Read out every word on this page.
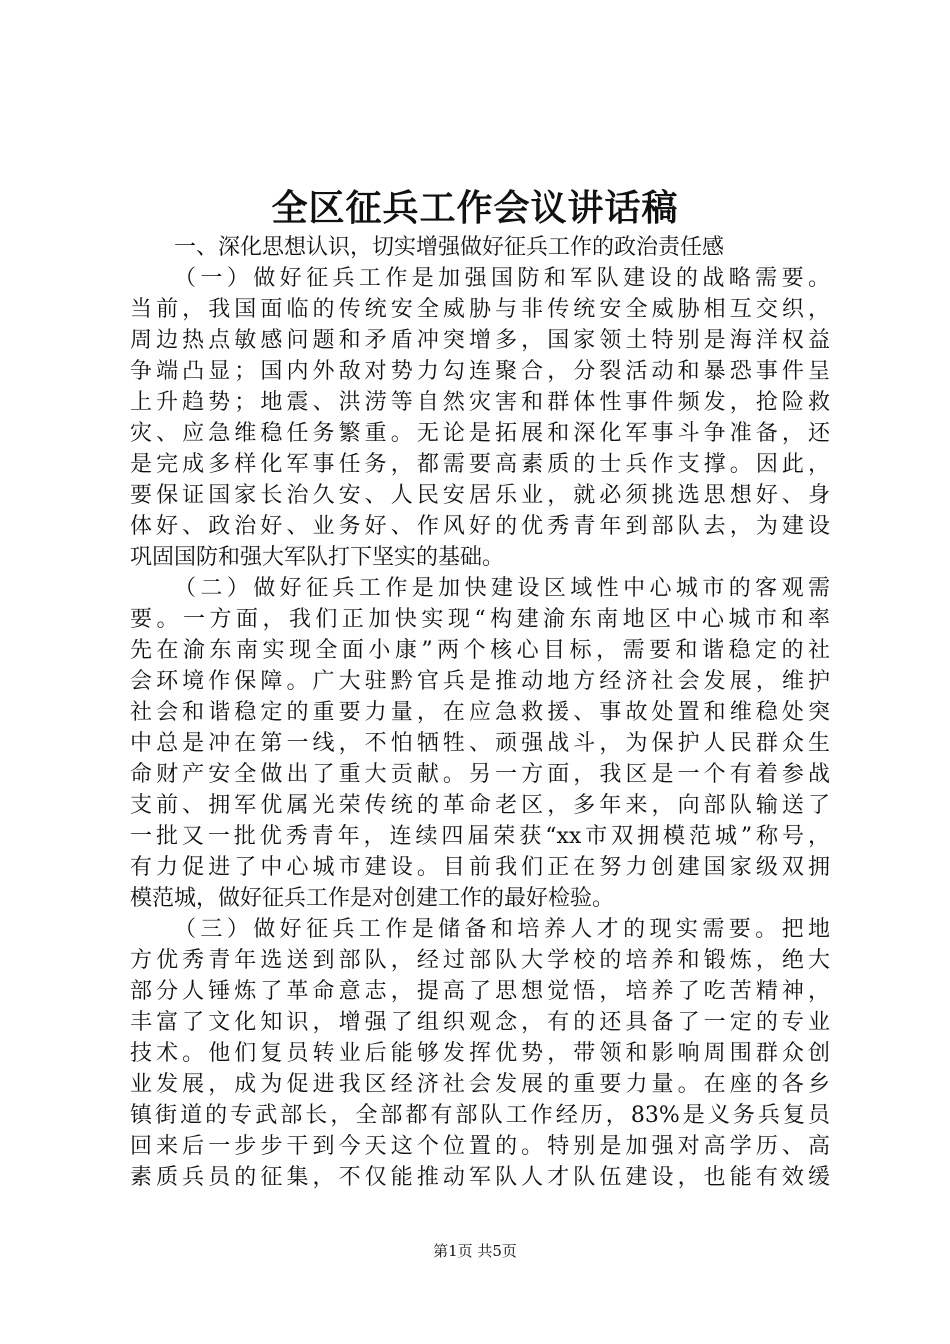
全区征兵工作会议讲话稿
一、深化思想认识，切实增强做好征兵工作的政治责任感
（一）做好征兵工作是加强国防和军队建设的战略需要。
当前，我国面临的传统安全威胁与非传统安全威胁相互交织，
周边热点敏感问题和矛盾冲突增多，国家领土特别是海洋权益
争端凸显；国内外敌对势力勾连聚合，分裂活动和暴恐事件呈
上升趋势；地震、洪涝等自然灾害和群体性事件频发，抢险救
灾、应急维稳任务繁重。无论是拓展和深化军事斗争准备，还
是完成多样化军事任务，都需要高素质的士兵作支撑。因此，
要保证国家长治久安、人民安居乐业，就必须挑选思想好、身
体好、政治好、业务好、作风好的优秀青年到部队去，为建设
巩固国防和强大军队打下坚实的基础。
（二）做好征兵工作是加快建设区域性中心城市的客观需
要。一方面，我们正加快实现“构建渝东南地区中心城市和率
先在渝东南实现全面小康”两个核心目标，需要和谐稳定的社
会环境作保障。广大驻黔官兵是推动地方经济社会发展，维护
社会和谐稳定的重要力量，在应急救援、事故处置和维稳处突
中总是冲在第一线，不怕牺牲、顽强战斗，为保护人民群众生
命财产安全做出了重大贡献。另一方面，我区是一个有着参战
支前、拥军优属光荣传统的革命老区，多年来，向部队输送了
一批又一批优秀青年，连续四届荣获“xx市双拥模范城”称号，
有力促进了中心城市建设。目前我们正在努力创建国家级双拥
模范城，做好征兵工作是对创建工作的最好检验。
（三）做好征兵工作是储备和培养人才的现实需要。把地
方优秀青年选送到部队，经过部队大学校的培养和锻炼，绝大
部分人锤炼了革命意志，提高了思想觉悟，培养了吃苦精神，
丰富了文化知识，增强了组织观念，有的还具备了一定的专业
技术。他们复员转业后能够发挥优势，带领和影响周围群众创
业发展，成为促进我区经济社会发展的重要力量。在座的各乡
镇街道的专武部长，全部都有部队工作经历，83%是义务兵复员
回来后一步步干到今天这个位置的。特别是加强对高学历、高
素质兵员的征集，不仅能推动军队人才队伍建设，也能有效缓
第1页 共5页
